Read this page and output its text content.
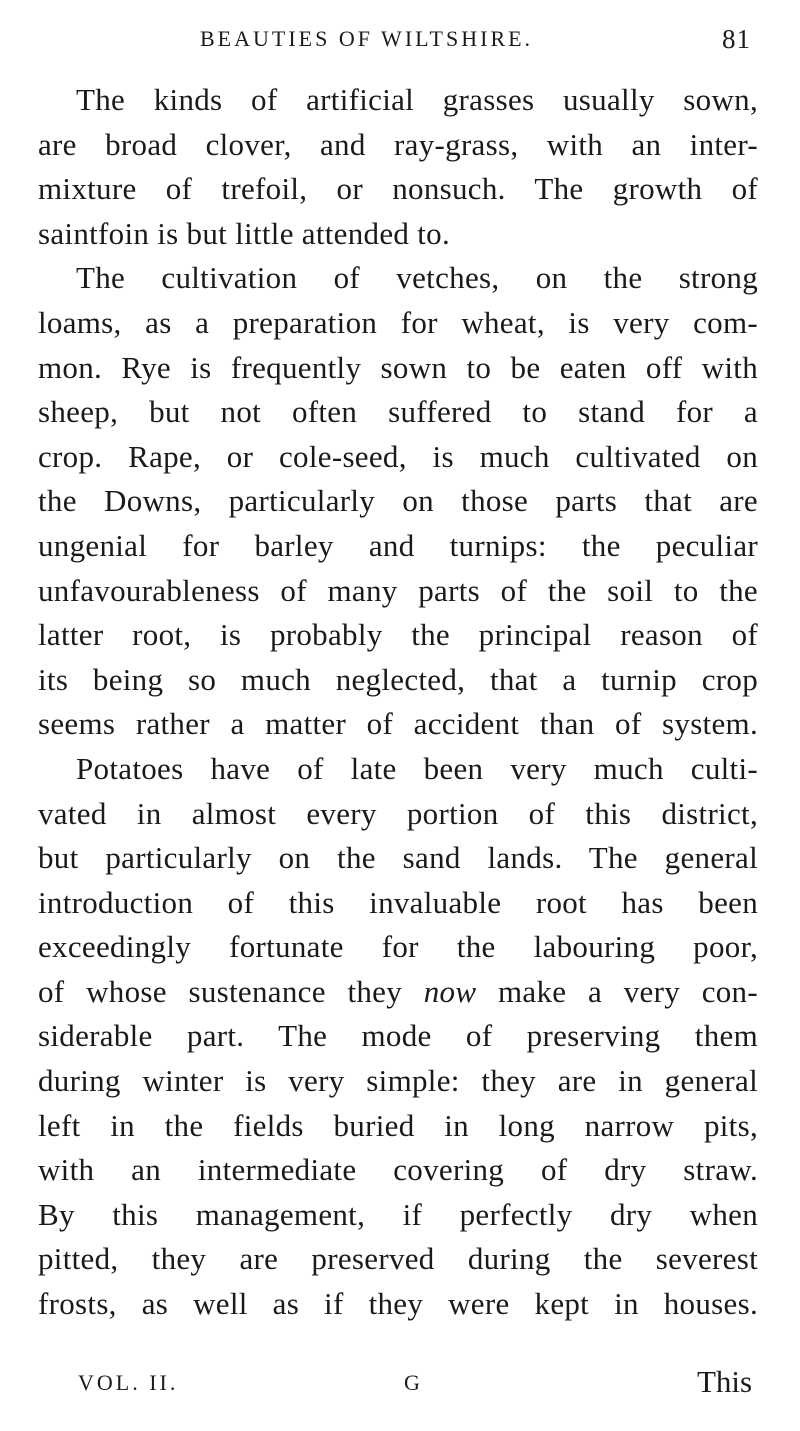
BEAUTIES OF WILTSHIRE.	81
The kinds of artificial grasses usually sown,
are broad clover, and ray-grass, with an inter-
mixture of trefoil, or nonsuch. The growth of
saintfoin is but little attended to.
The cultivation of vetches, on the strong
loams, as a preparation for wheat, is very com-
mon. Rye is frequently sown to be eaten off with
sheep, but not often suffered to stand for a
crop. Rape, or cole-seed, is much cultivated on
the Downs, particularly on those parts that are
ungenial for barley and turnips: the peculiar
unfavourableness of many parts of the soil to the
latter root, is probably the principal reason of
its being so much neglected, that a turnip crop
seems rather a matter of accident than of system.
Potatoes have of late been very much culti-
vated in almost every portion of this district,
but particularly on the sand lands. The general
introduction of this invaluable root has been
exceedingly fortunate for the labouring poor,
of whose sustenance they now make a very con-
siderable part. The mode of preserving them
during winter is very simple: they are in general
left in the fields buried in long narrow pits,
with an intermediate covering of dry straw.
By this management, if perfectly dry when
pitted, they are preserved during the severest
frosts, as well as if they were kept in houses.
VOL. II.	G	This
